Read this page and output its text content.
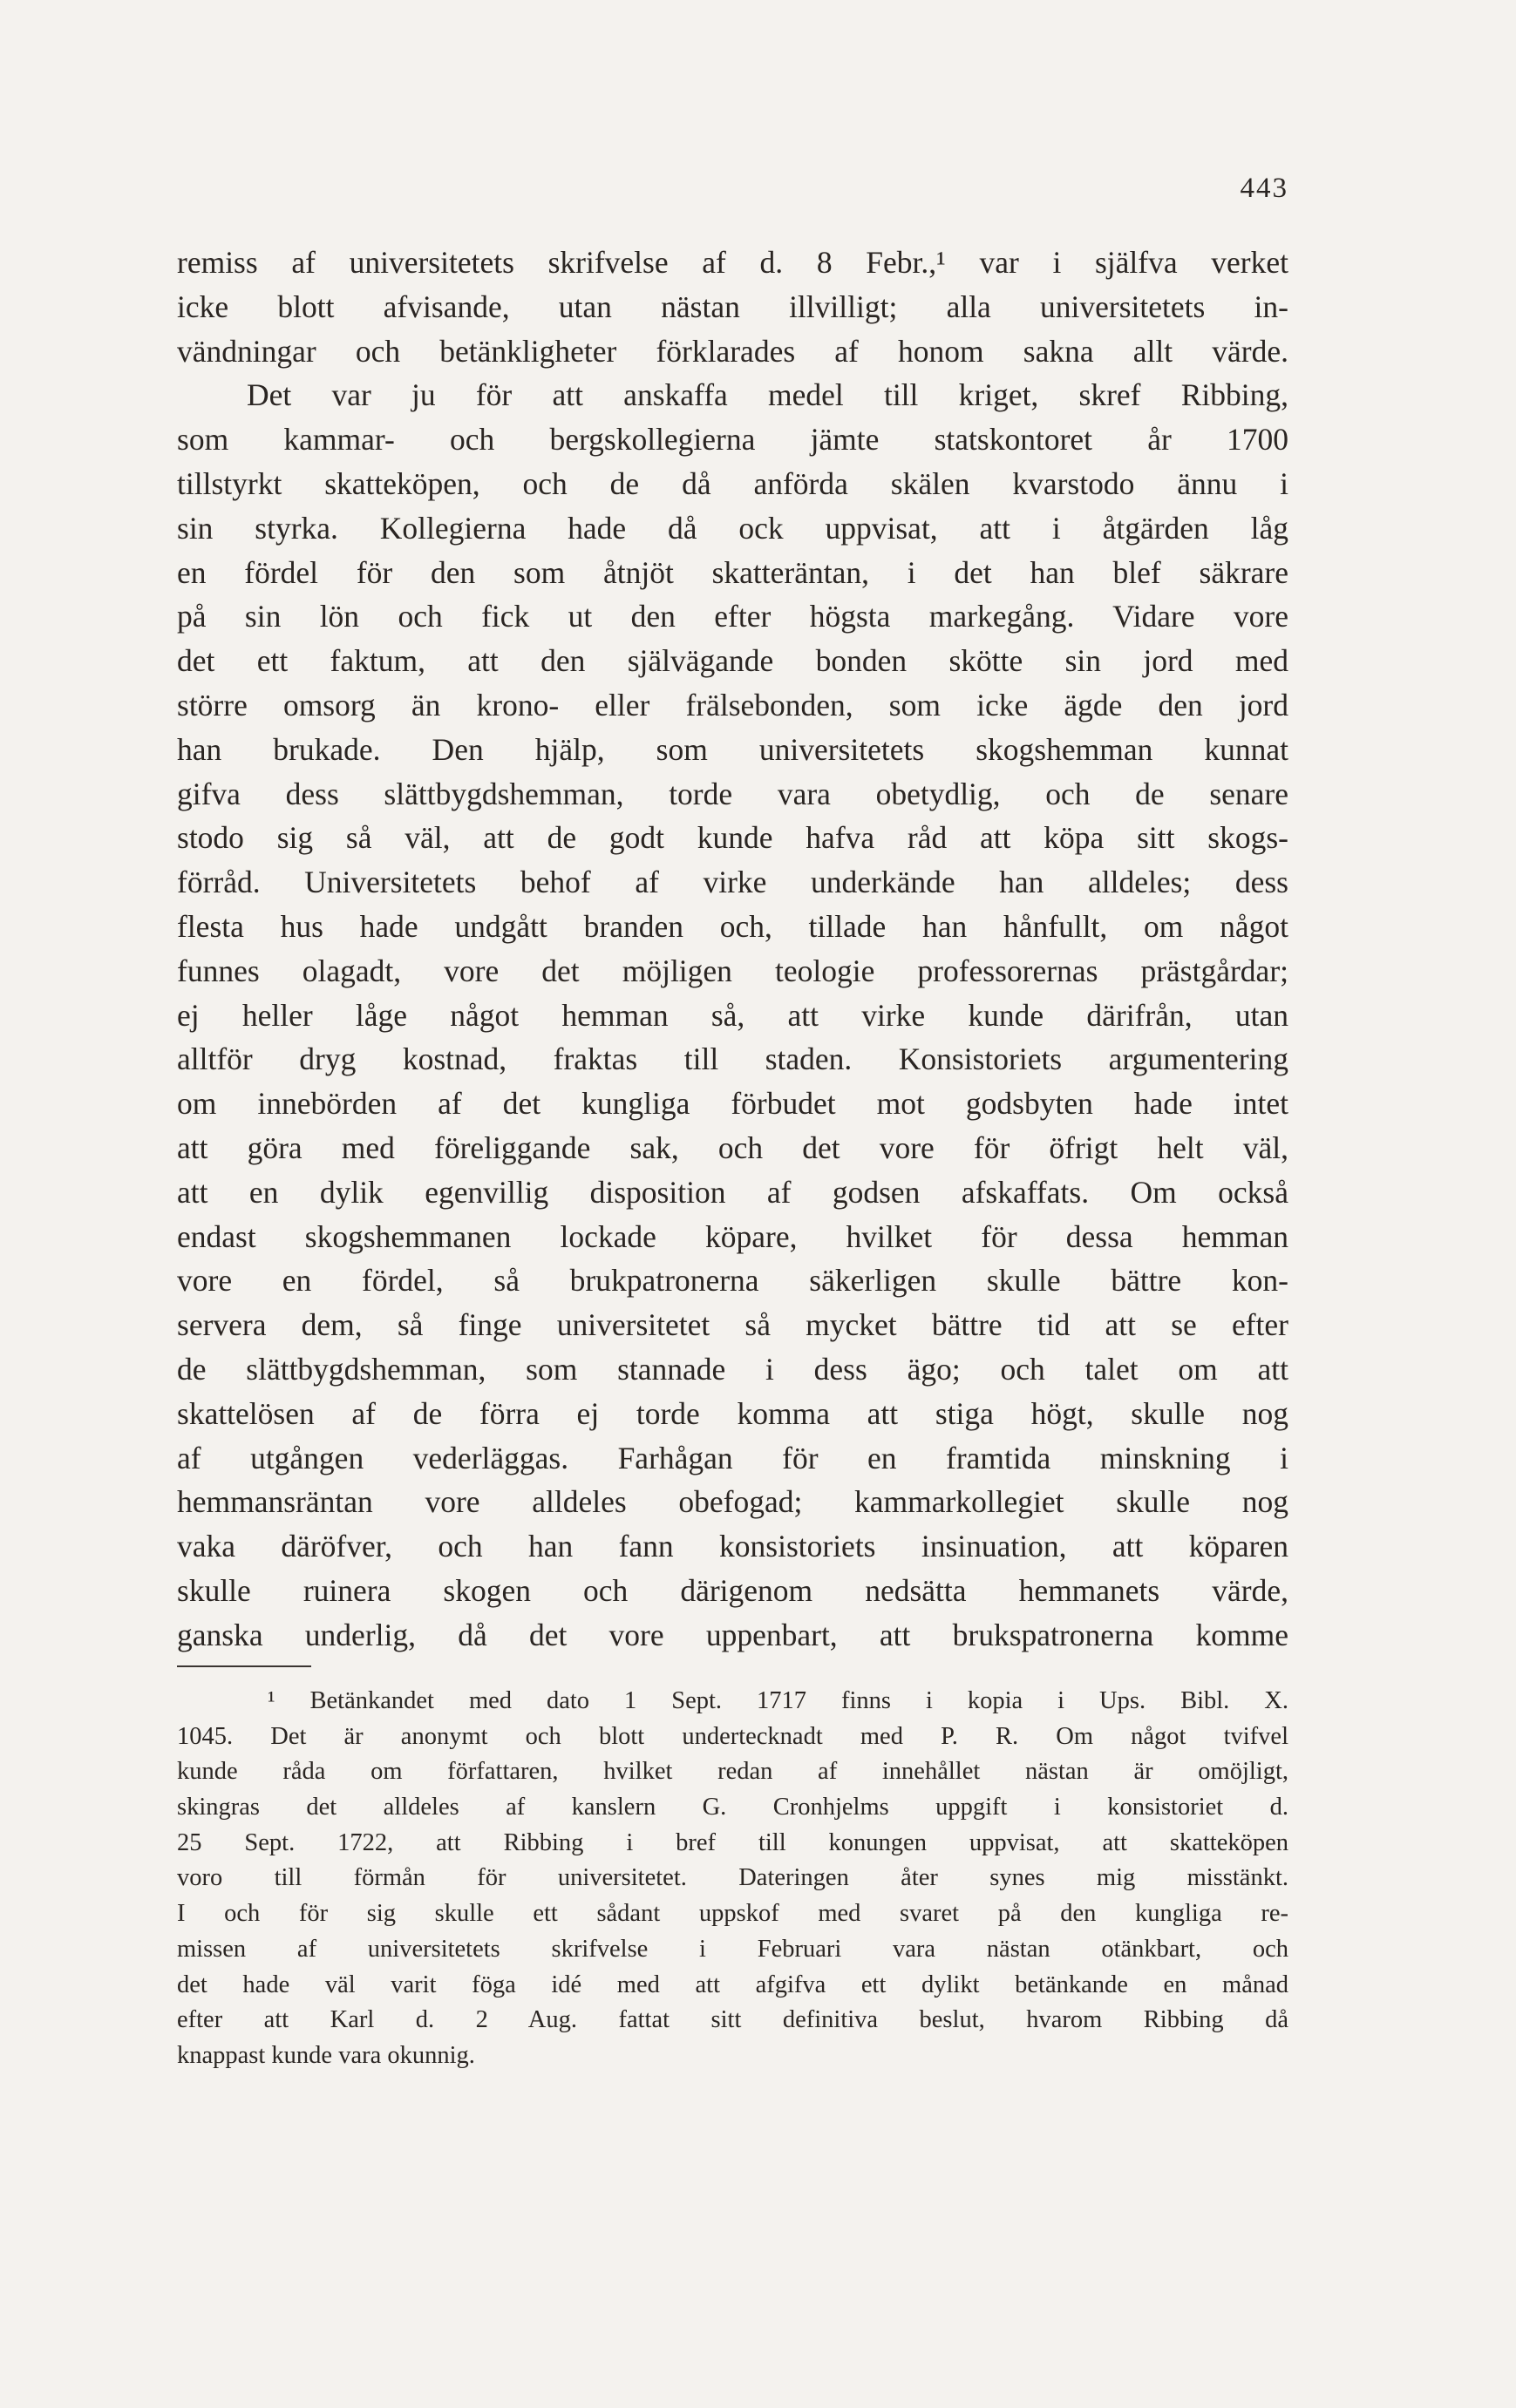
443
remiss af universitetets skrifvelse af d. 8 Febr.,¹ var i själfva verket
icke blott afvisande, utan nästan illvilligt; alla universitetets in-
vändningar och betänkligheter förklarades af honom sakna allt värde.
Det var ju för att anskaffa medel till kriget, skref Ribbing,
som kammar- och bergskollegierna jämte statskontoret år 1700
tillstyrkt skatteköpen, och de då anförda skälen kvarstodo ännu i
sin styrka. Kollegierna hade då ock uppvisat, att i åtgärden låg
en fördel för den som åtnjöt skatteräntan, i det han blef säkrare
på sin lön och fick ut den efter högsta markegång. Vidare vore
det ett faktum, att den självägande bonden skötte sin jord med
större omsorg än krono- eller frälsebonden, som icke ägde den jord
han brukade. Den hjälp, som universitetets skogshemman kunnat
gifva dess slättbygdshemman, torde vara obetydlig, och de senare
stodo sig så väl, att de godt kunde hafva råd att köpa sitt skogs-
förråd. Universitetets behof af virke underkände han alldeles; dess
flesta hus hade undgått branden och, tillade han hånfullt, om något
funnes olagadt, vore det möjligen teologie professorernas prästgårdar;
ej heller låge något hemman så, att virke kunde därifrån, utan
alltför dryg kostnad, fraktas till staden. Konsistoriets argumentering
om innebörden af det kungliga förbudet mot godsbyten hade intet
att göra med föreliggande sak, och det vore för öfrigt helt väl,
att en dylik egenvillig disposition af godsen afskaffats. Om också
endast skogshemmanen lockade köpare, hvilket för dessa hemman
vore en fördel, så brukpatronerna säkerligen skulle bättre kon-
servera dem, så finge universitetet så mycket bättre tid att se efter
de slättbygdshemman, som stannade i dess ägo; och talet om att
skattelösen af de förra ej torde komma att stiga högt, skulle nog
af utgången vederläggas. Farhågan för en framtida minskning i
hemmansräntan vore alldeles obefogad; kammarkollegiet skulle nog
vaka däröfver, och han fann konsistoriets insinuation, att köparen
skulle ruinera skogen och därigenom nedsätta hemmanets värde,
ganska underlig, då det vore uppenbart, att brukspatronerna komme
¹ Betänkandet med dato 1 Sept. 1717 finns i kopia i Ups. Bibl. X.
1045. Det är anonymt och blott undertecknadt med P. R. Om något tvifvel
kunde råda om författaren, hvilket redan af innehållet nästan är omöjligt,
skingras det alldeles af kanslern G. Cronhjelms uppgift i konsistoriet d.
25 Sept. 1722, att Ribbing i bref till konungen uppvisat, att skatteköpen
voro till förmån för universitetet. Dateringen åter synes mig misstänkt.
I och för sig skulle ett sådant uppskof med svaret på den kungliga re-
missen af universitetets skrifvelse i Februari vara nästan otänkbart, och
det hade väl varit föga idé med att afgifva ett dylikt betänkande en månad
efter att Karl d. 2 Aug. fattat sitt definitiva beslut, hvarom Ribbing då
knappast kunde vara okunnig.
